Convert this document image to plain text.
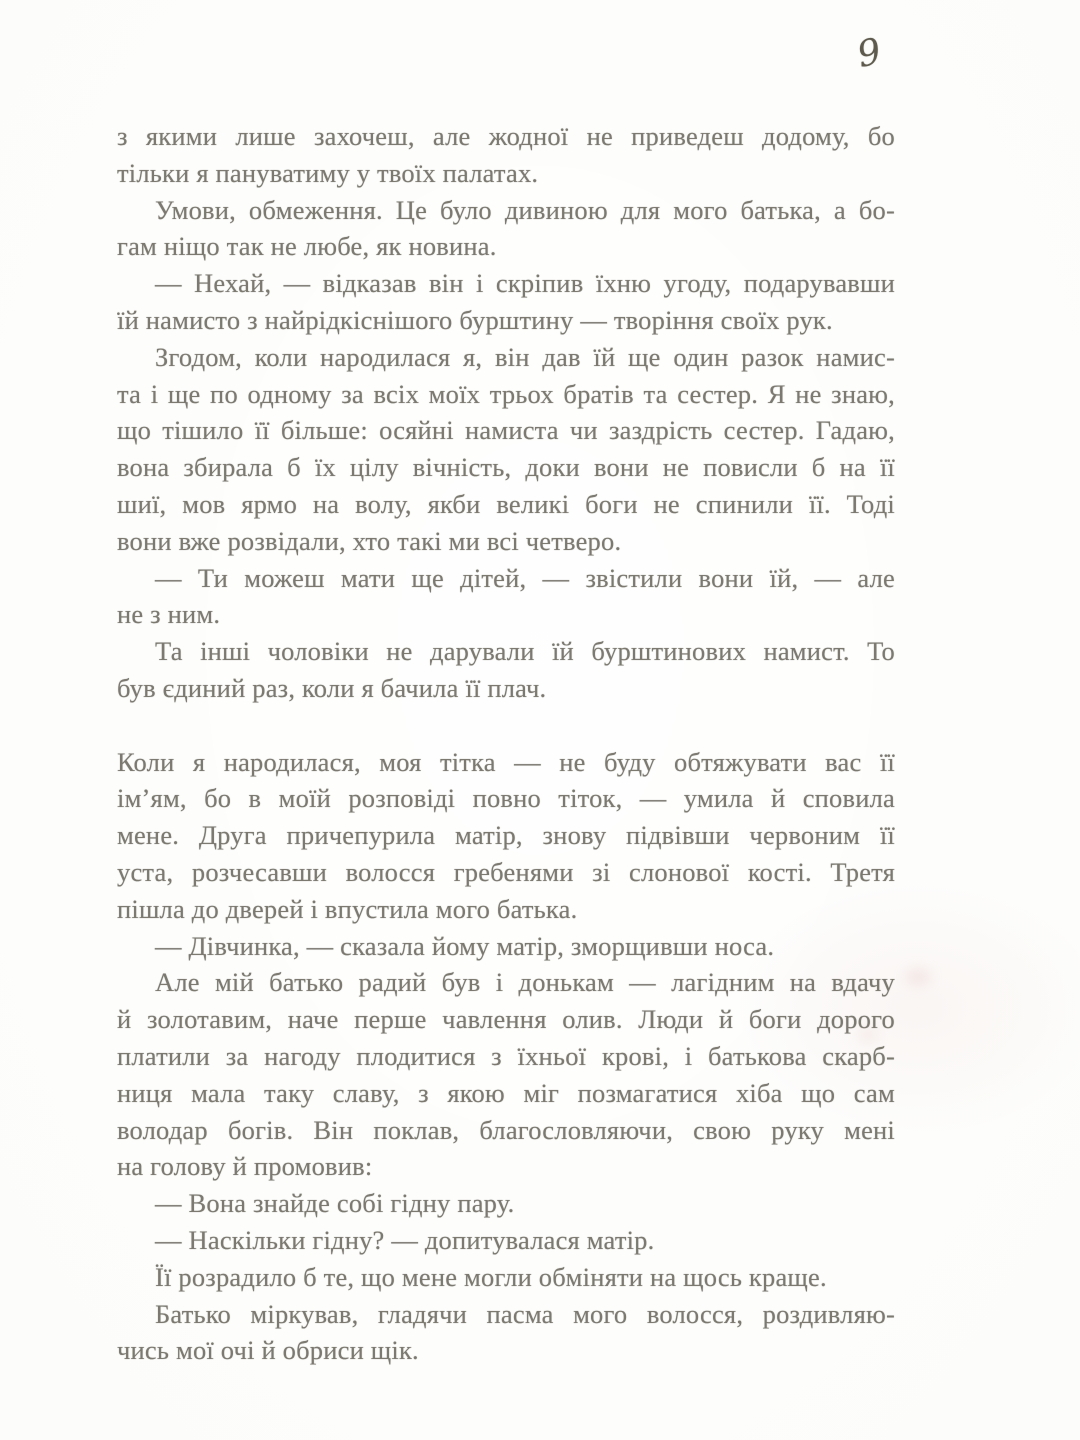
9
з якими лише захочеш, але жодної не приведеш додому, бо
тільки я пануватиму у твоїх палатах.
Умови, обмеження. Це було дивиною для мого батька, а бо-
гам ніщо так не любе, як новина.
— Нехай, — відказав він і скріпив їхню угоду, подарувавши
їй намисто з найрідкіснішого бурштину — творіння своїх рук.
Згодом, коли народилася я, він дав їй ще один разок намис-
та і ще по одному за всіх моїх трьох братів та сестер. Я не знаю,
що тішило її більше: осяйні намиста чи заздрість сестер. Гадаю,
вона збирала б їх цілу вічність, доки вони не повисли б на її
шиї, мов ярмо на волу, якби великі боги не спинили її. Тоді
вони вже розвідали, хто такі ми всі четверо.
— Ти можеш мати ще дітей, — звістили вони їй, — але
не з ним.
Та інші чоловіки не дарували їй бурштинових намист. То
був єдиний раз, коли я бачила її плач.
Коли я народилася, моя тітка — не буду обтяжувати вас її
ім’ям, бо в моїй розповіді повно тіток, — умила й сповила
мене. Друга причепурила матір, знову підвівши червоним її
уста, розчесавши волосся гребенями зі слонової кості. Третя
пішла до дверей і впустила мого батька.
— Дівчинка, — сказала йому матір, зморщивши носа.
Але мій батько радий був і донькам — лагідним на вдачу
й золотавим, наче перше чавлення олив. Люди й боги дорого
платили за нагоду плодитися з їхньої крові, і батькова скарб-
ниця мала таку славу, з якою міг позмагатися хіба що сам
володар богів. Він поклав, благословляючи, свою руку мені
на голову й промовив:
— Вона знайде собі гідну пару.
— Наскільки гідну? — допитувалася матір.
Її розрадило б те, що мене могли обміняти на щось краще.
Батько міркував, гладячи пасма мого волосся, роздивляю-
чись мої очі й обриси щік.
